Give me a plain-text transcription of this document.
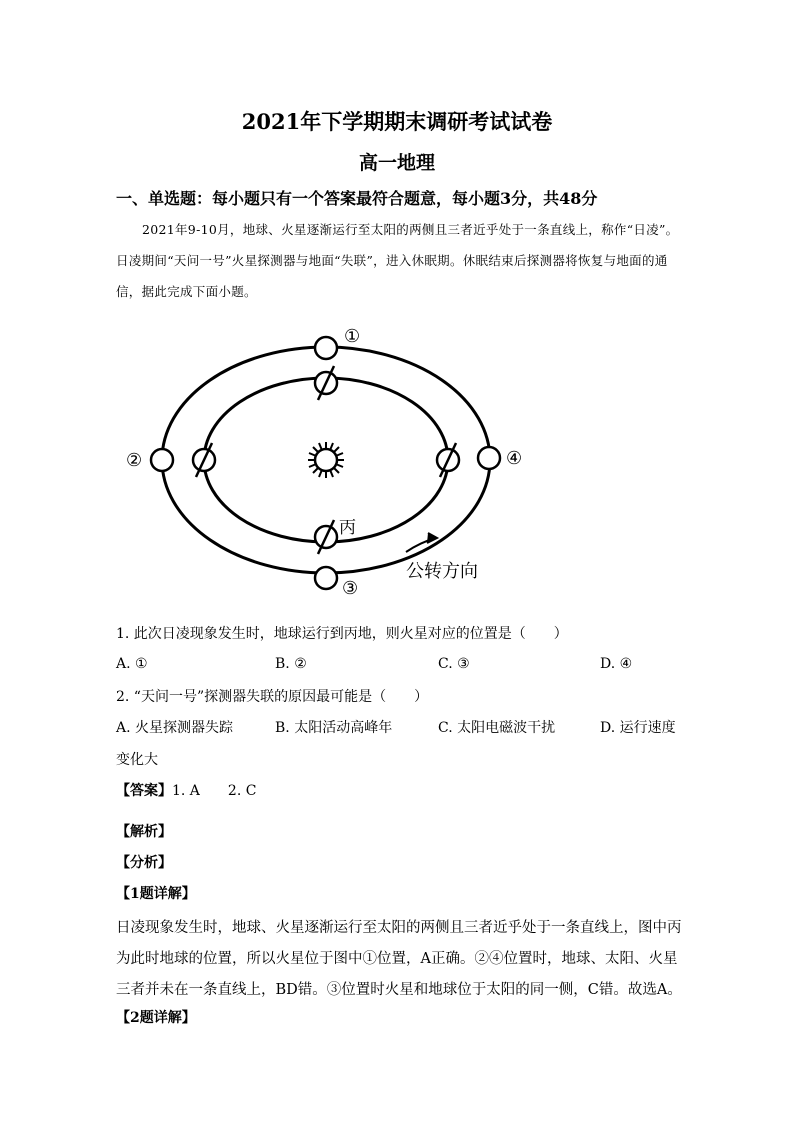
2021年下学期期末调研考试试卷
高一地理
一、单选题：每小题只有一个答案最符合题意，每小题3分，共48分
2021年9-10月，地球、火星逐渐运行至太阳的两侧且三者近乎处于一条直线上，称作“日凌”。日凌期间“天问一号”火星探测器与地面“失联”，进入休眠期。休眠结束后探测器将恢复与地面的通信，据此完成下面小题。
①
②
③
④
丙
公转方向
1. 此次日凌现象发生时，地球运行到丙地，则火星对应的位置是（　　）
A. ①	B. ②	C. ③	D. ④
2. “天问一号”探测器失联的原因最可能是（　　）
A. 火星探测器失踪	B. 太阳活动高峰年	C. 太阳电磁波干扰	D. 运行速度
变化大
【答案】1. A　　2. C
【解析】
【分析】
【1题详解】
日凌现象发生时，地球、火星逐渐运行至太阳的两侧且三者近乎处于一条直线上，图中丙为此时地球的位置，所以火星位于图中①位置，A正确。②④位置时，地球、太阳、火星三者并未在一条直线上，BD错。③位置时火星和地球位于太阳的同一侧，C错。故选A。
【2题详解】
